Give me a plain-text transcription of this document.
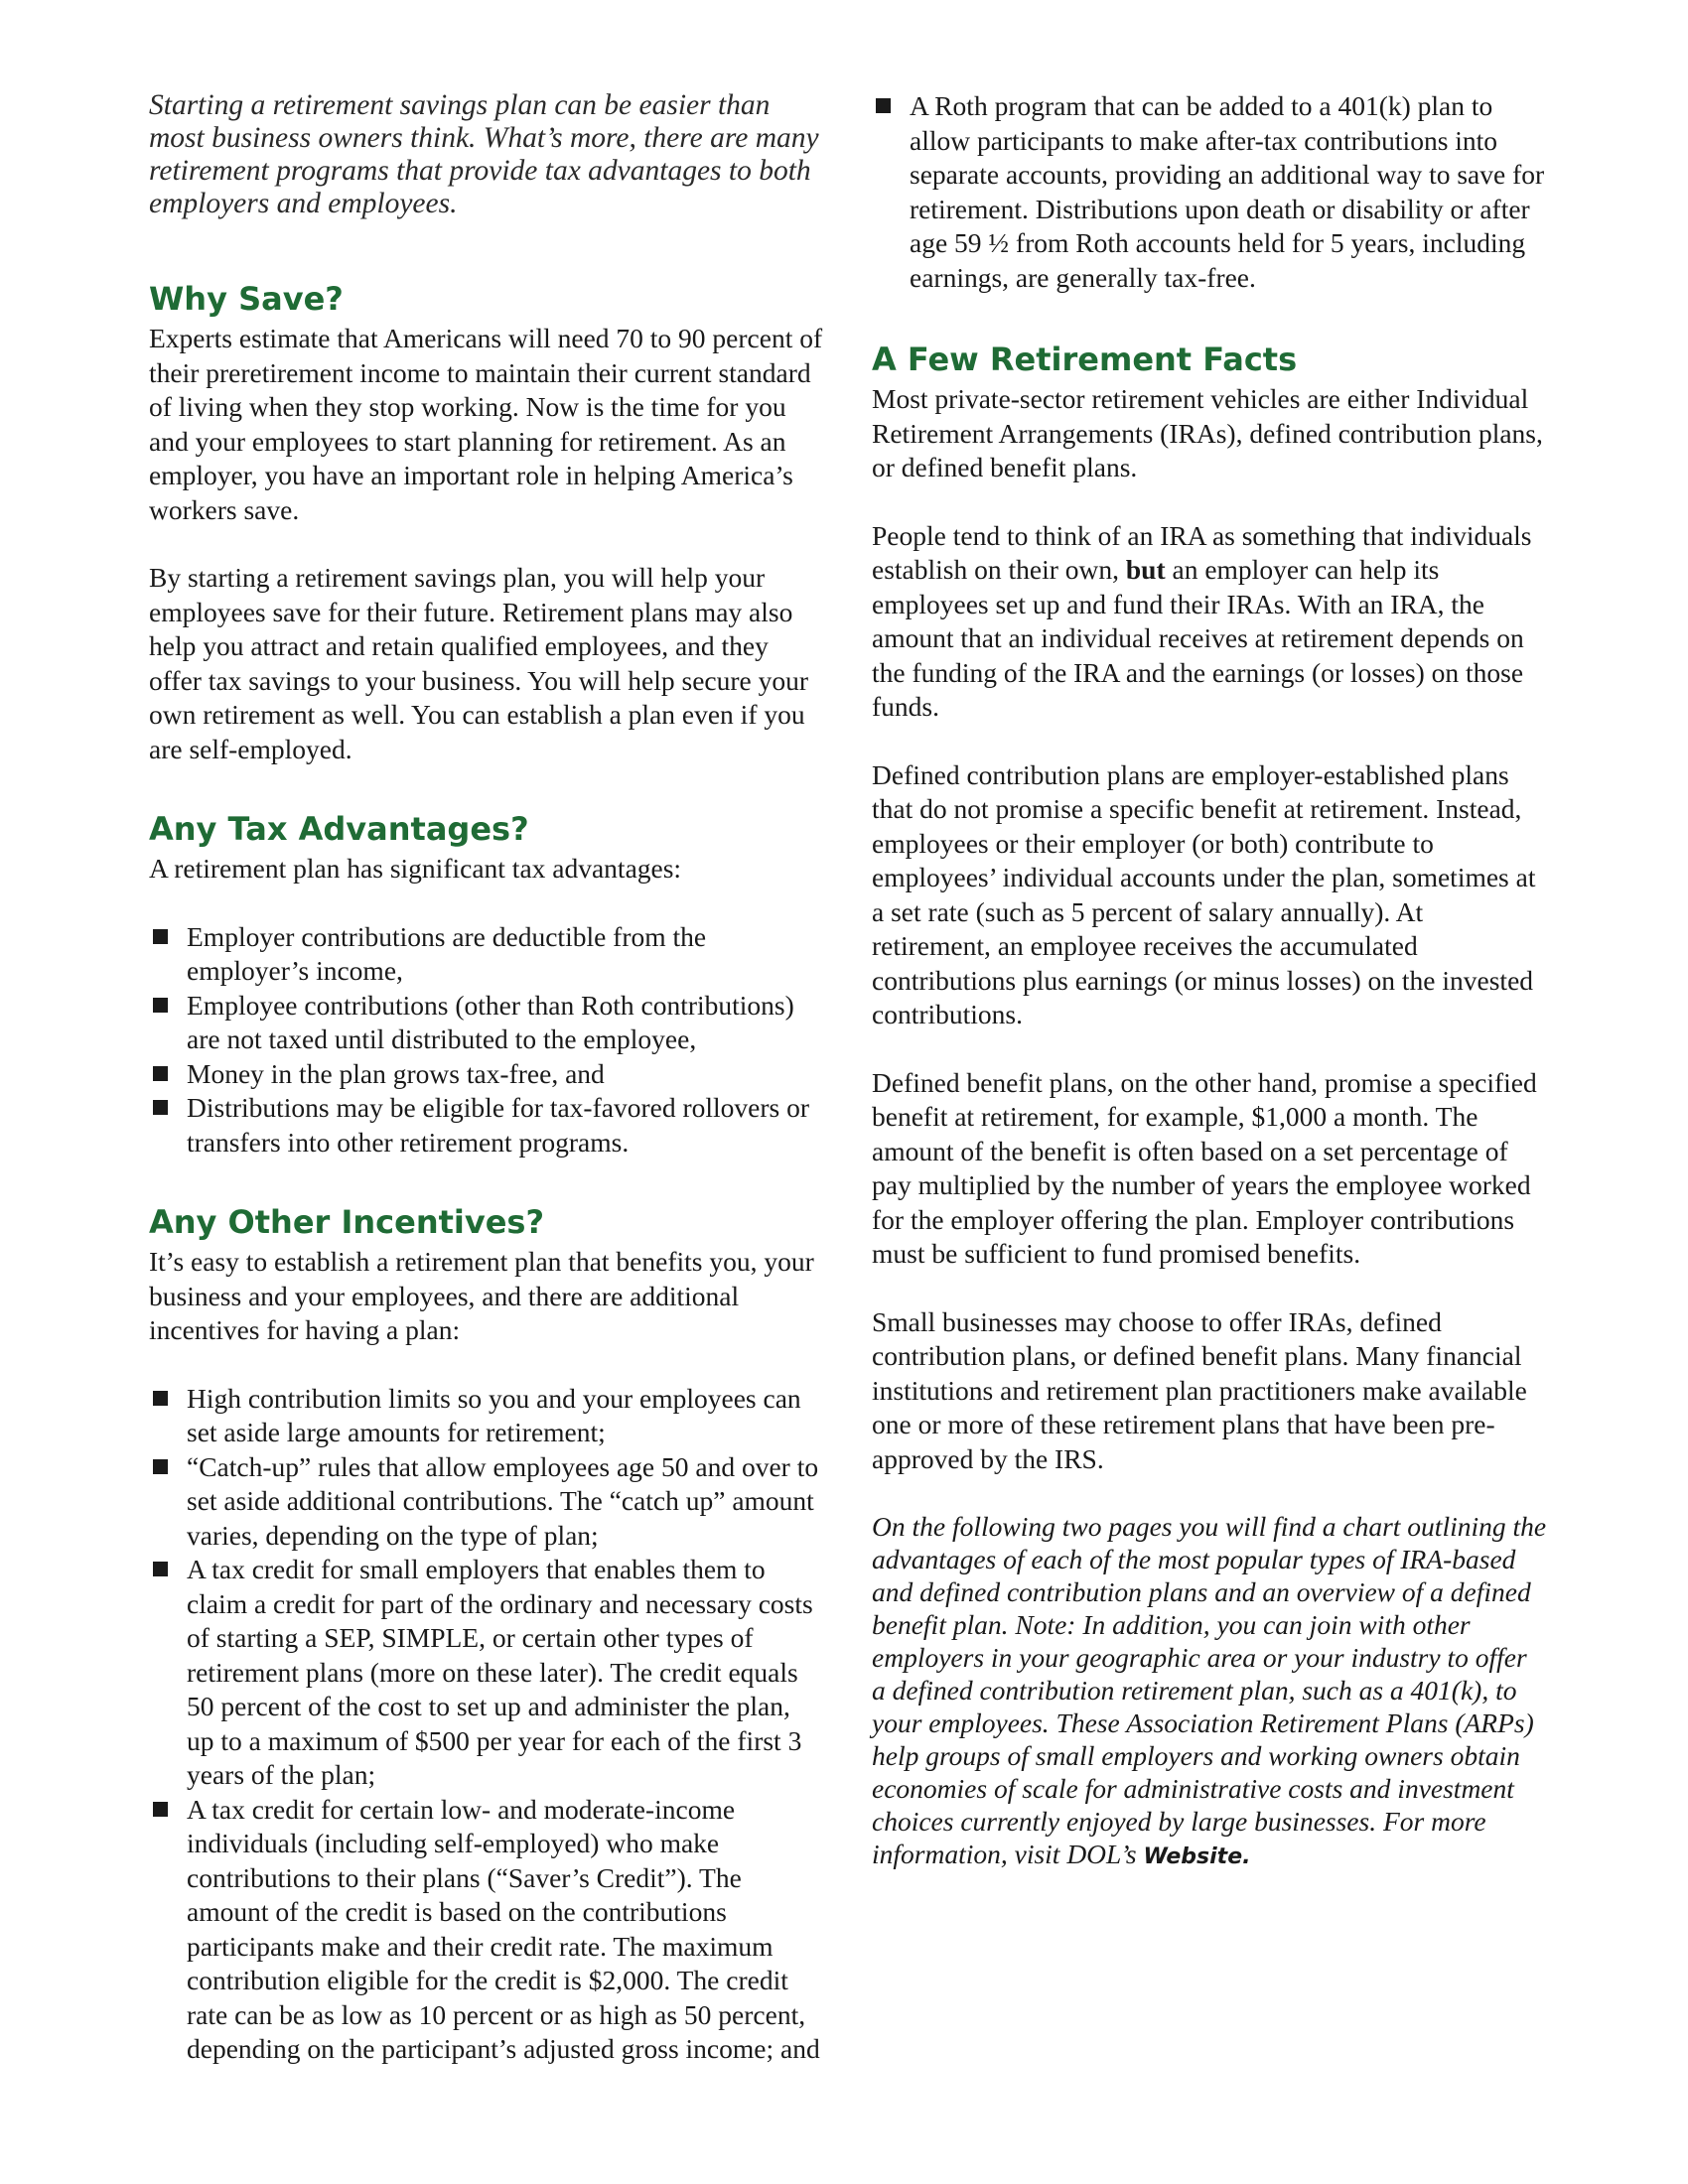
Starting a retirement savings plan can be easier than most business owners think. What’s more, there are many retirement programs that provide tax advantages to both employers and employees.

Why Save?

Experts estimate that Americans will need 70 to 90 percent of their preretirement income to maintain their current standard of living when they stop working. Now is the time for you and your employees to start planning for retirement. As an employer, you have an important role in helping America’s workers save.

By starting a retirement savings plan, you will help your employees save for their future. Retirement plans may also help you attract and retain qualified employees, and they offer tax savings to your business. You will help secure your own retirement as well. You can establish a plan even if you are self-employed.

Any Tax Advantages?

A retirement plan has significant tax advantages:

Employer contributions are deductible from the employer’s income,
Employee contributions (other than Roth contributions) are not taxed until distributed to the employee,
Money in the plan grows tax-free, and
Distributions may be eligible for tax-favored rollovers or transfers into other retirement programs.
Any Other Incentives?

It’s easy to establish a retirement plan that benefits you, your business and your employees, and there are additional incentives for having a plan:

High contribution limits so you and your employees can set aside large amounts for retirement;
“Catch-up” rules that allow employees age 50 and over to set aside additional contributions. The “catch up” amount varies, depending on the type of plan;
A tax credit for small employers that enables them to claim a credit for part of the ordinary and necessary costs of starting a SEP, SIMPLE, or certain other types of retirement plans (more on these later). The credit equals 50 percent of the cost to set up and administer the plan, up to a maximum of $500 per year for each of the first 3 years of the plan;
A tax credit for certain low- and moderate-income individuals (including self-employed) who make contributions to their plans (“Saver’s Credit”). The amount of the credit is based on the contributions participants make and their credit rate. The maximum contribution eligible for the credit is $2,000. The credit rate can be as low as 10 percent or as high as 50 percent, depending on the participant’s adjusted gross income; and
A Roth program that can be added to a 401(k) plan to allow participants to make after-tax contributions into separate accounts, providing an additional way to save for retirement. Distributions upon death or disability or after age 59 ½ from Roth accounts held for 5 years, including earnings, are generally tax-free.
A Few Retirement Facts

Most private-sector retirement vehicles are either Individual Retirement Arrangements (IRAs), defined contribution plans, or defined benefit plans.

People tend to think of an IRA as something that individuals establish on their own, but an employer can help its employees set up and fund their IRAs. With an IRA, the amount that an individual receives at retirement depends on the funding of the IRA and the earnings (or losses) on those funds.

Defined contribution plans are employer-established plans that do not promise a specific benefit at retirement. Instead, employees or their employer (or both) contribute to employees’ individual accounts under the plan, sometimes at a set rate (such as 5 percent of salary annually). At retirement, an employee receives the accumulated contributions plus earnings (or minus losses) on the invested contributions.

Defined benefit plans, on the other hand, promise a specified benefit at retirement, for example, $1,000 a month. The amount of the benefit is often based on a set percentage of pay multiplied by the number of years the employee worked for the employer offering the plan. Employer contributions must be sufficient to fund promised benefits.

Small businesses may choose to offer IRAs, defined contribution plans, or defined benefit plans. Many financial institutions and retirement plan practitioners make available one or more of these retirement plans that have been pre-approved by the IRS.

On the following two pages you will find a chart outlining the advantages of each of the most popular types of IRA-based and defined contribution plans and an overview of a defined benefit plan. Note: In addition, you can join with other employers in your geographic area or your industry to offer a defined contribution retirement plan, such as a 401(k), to your employees. These Association Retirement Plans (ARPs) help groups of small employers and working owners obtain economies of scale for administrative costs and investment choices currently enjoyed by large businesses. For more information, visit DOL’s Website.
